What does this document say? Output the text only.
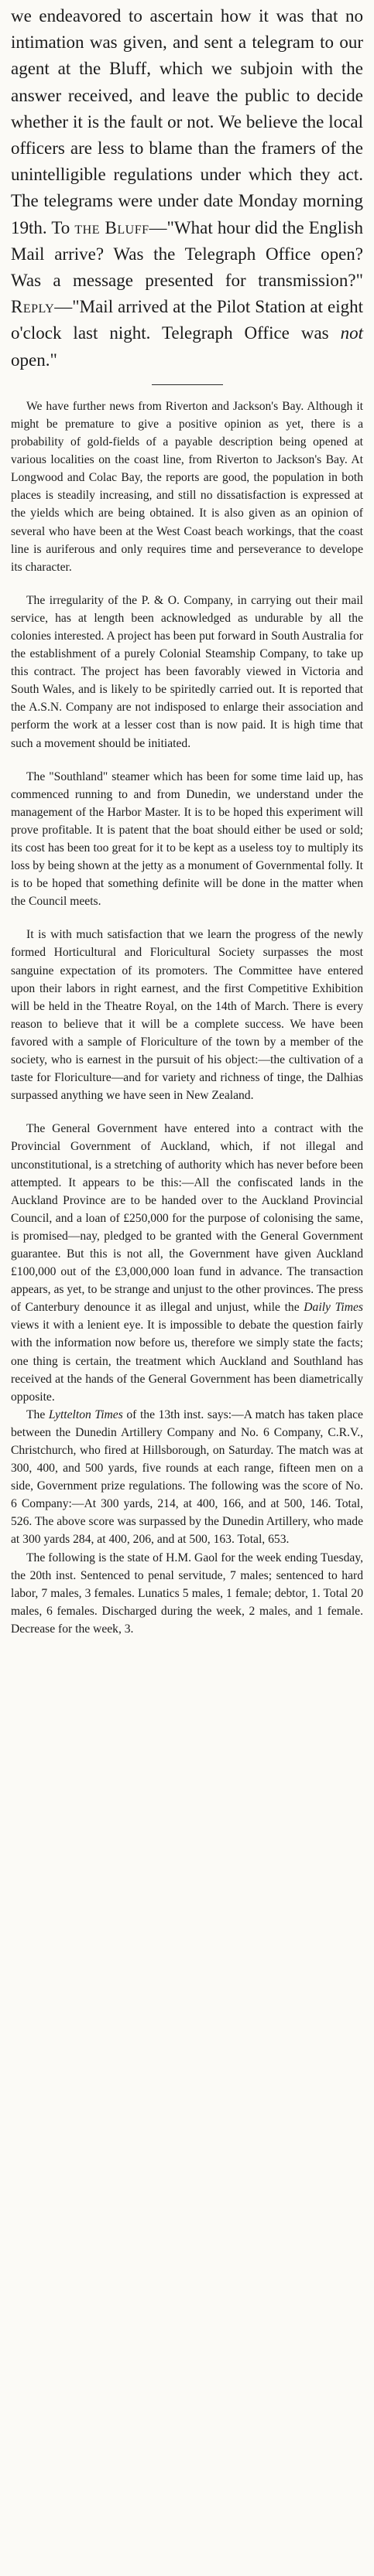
we endeavored to ascertain how it was that no intimation was given, and sent a telegram to our agent at the Bluff, which we subjoin with the answer received, and leave the public to decide whether it is the fault or not. We believe the local officers are less to blame than the framers of the unintelligible regulations under which they act. The telegrams were under date Monday morning 19th. To the Bluff—"What hour did the English Mail arrive? Was the Telegraph Office open? Was a message presented for transmission?" Reply—"Mail arrived at the Pilot Station at eight o'clock last night. Telegraph Office was not open."

We have further news from Riverton and Jackson's Bay. Although it might be premature to give a positive opinion as yet, there is a probability of gold-fields of a payable description being opened at various localities on the coast line, from Riverton to Jackson's Bay. At Longwood and Colac Bay, the reports are good, the population in both places is steadily increasing, and still no dissatisfaction is expressed at the yields which are being obtained. It is also given as an opinion of several who have been at the West Coast beach workings, that the coast line is auriferous and only requires time and perseverance to develope its character.

The irregularity of the P. & O. Company, in carrying out their mail service, has at length been acknowledged as undurable by all the colonies interested. A project has been put forward in South Australia for the establishment of a purely Colonial Steamship Company, to take up this contract. The project has been favorably viewed in Victoria and South Wales, and is likely to be spiritedly carried out. It is reported that the A.S.N. Company are not indisposed to enlarge their association and perform the work at a lesser cost than is now paid. It is high time that such a movement should be initiated.

The "Southland" steamer which has been for some time laid up, has commenced running to and from Dunedin, we understand under the management of the Harbor Master. It is to be hoped this experiment will prove profitable. It is patent that the boat should either be used or sold; its cost has been too great for it to be kept as a useless toy to multiply its loss by being shown at the jetty as a monument of Governmental folly. It is to be hoped that something definite will be done in the matter when the Council meets.

It is with much satisfaction that we learn the progress of the newly formed Horticultural and Floricultural Society surpasses the most sanguine expectation of its promoters. The Committee have entered upon their labors in right earnest, and the first Competitive Exhibition will be held in the Theatre Royal, on the 14th of March. There is every reason to believe that it will be a complete success. We have been favored with a sample of Floriculture of the town by a member of the society, who is earnest in the pursuit of his object:—the cultivation of a taste for Floriculture—and for variety and richness of tinge, the Dalhias surpassed anything we have seen in New Zealand.

The General Government have entered into a contract with the Provincial Government of Auckland, which, if not illegal and unconstitutional, is a stretching of authority which has never before been attempted. It appears to be this:—All the confiscated lands in the Auckland Province are to be handed over to the Auckland Provincial Council, and a loan of £250,000 for the purpose of colonising the same, is promised—nay, pledged to be granted with the General Government guarantee. But this is not all, the Government have given Auckland £100,000 out of the £3,000,000 loan fund in advance. The transaction appears, as yet, to be strange and unjust to the other provinces. The press of Canterbury denounce it as illegal and unjust, while the Daily Times views it with a lenient eye. It is impossible to debate the question fairly with the information now before us, therefore we simply state the facts; one thing is certain, the treatment which Auckland and Southland has received at the hands of the General Government has been diametrically opposite.

The Lyttelton Times of the 13th inst. says:—A match has taken place between the Dunedin Artillery Company and No. 6 Company, C.R.V., Christchurch, who fired at Hillsborough, on Saturday. The match was at 300, 400, and 500 yards, five rounds at each range, fifteen men on a side, Government prize regulations. The following was the score of No. 6 Company:—At 300 yards, 214, at 400, 166, and at 500, 146. Total, 526. The above score was surpassed by the Dunedin Artillery, who made at 300 yards 284, at 400, 206, and at 500, 163. Total, 653.

The following is the state of H.M. Gaol for the week ending Tuesday, the 20th inst. Sentenced to penal servitude, 7 males; sentenced to hard labor, 7 males, 3 females. Lunatics 5 males, 1 female; debtor, 1. Total 20 males, 6 females. Discharged during the week, 2 males, and 1 female. Decrease for the week, 3.
